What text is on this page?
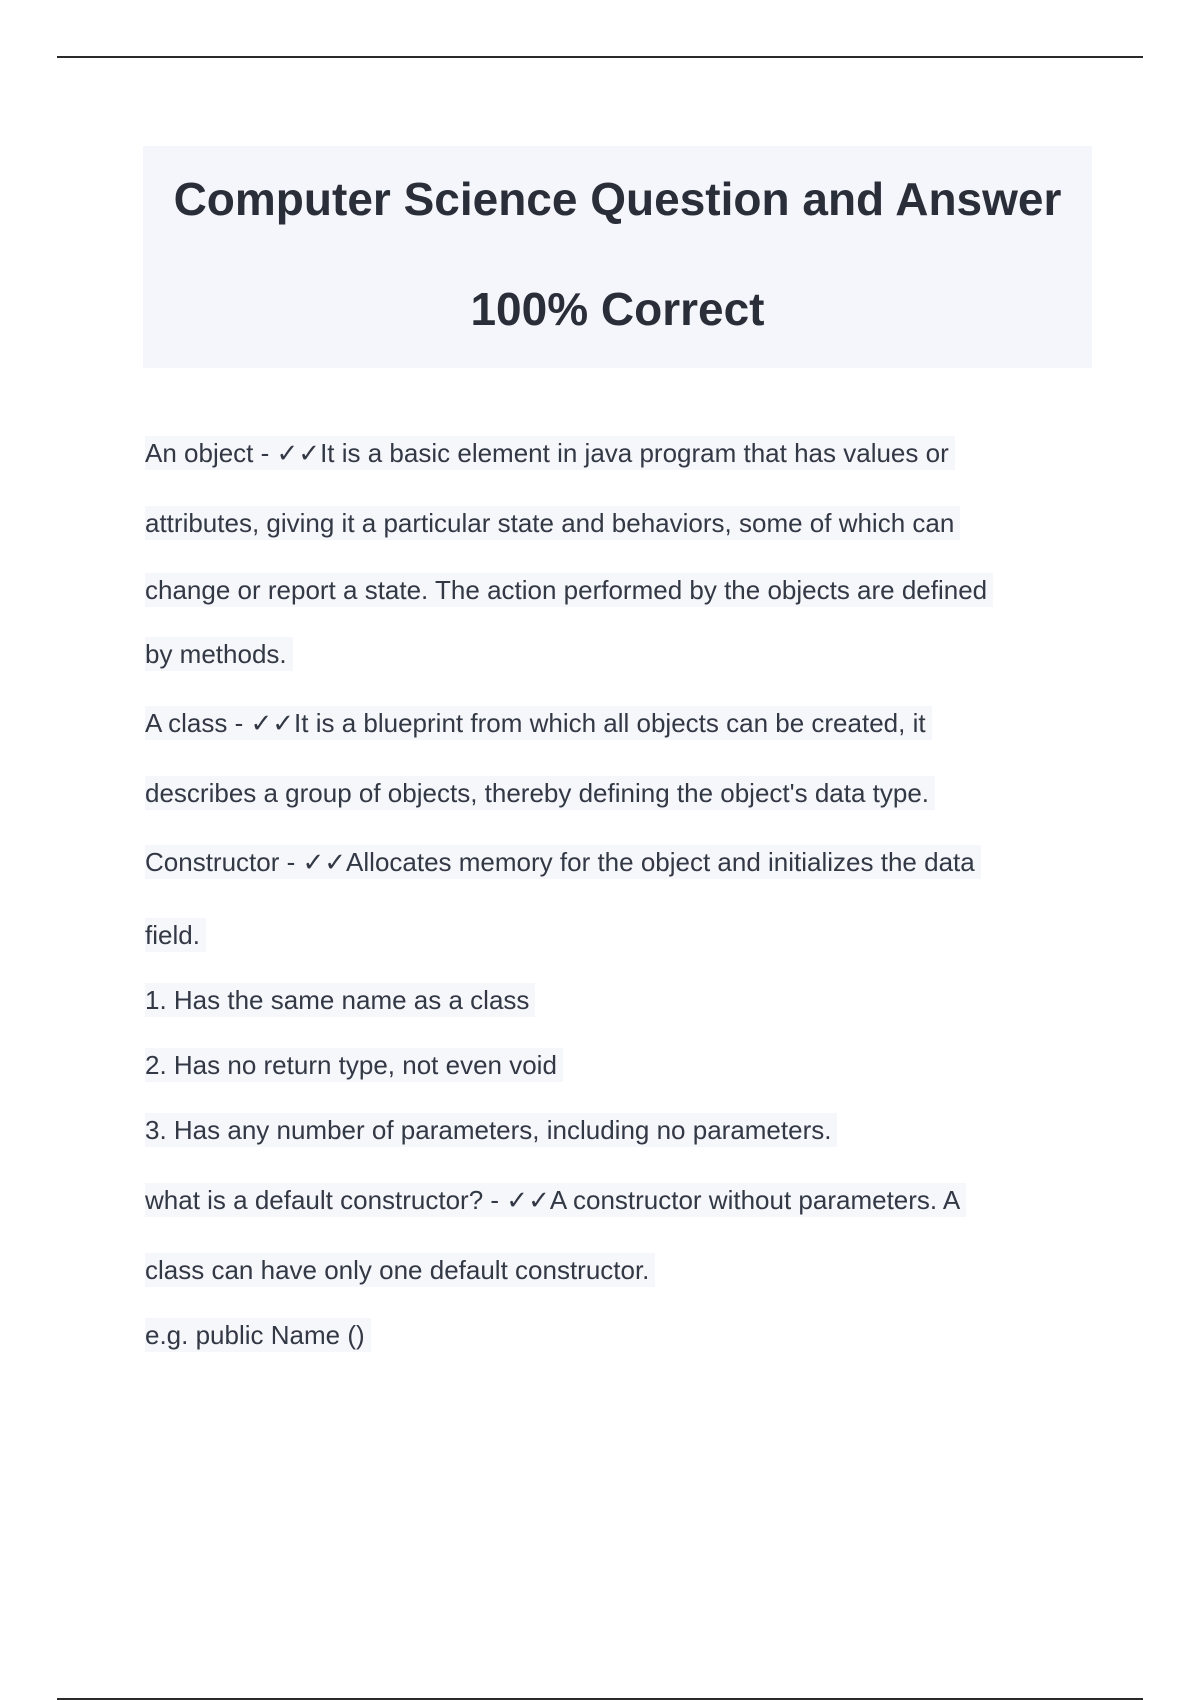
Computer Science Question and Answer
100% Correct
An object - ✓✓It is a basic element in java program that has values or
attributes, giving it a particular state and behaviors, some of which can
change or report a state. The action performed by the objects are defined
by methods.
A class - ✓✓It is a blueprint from which all objects can be created, it
describes a group of objects, thereby defining the object's data type.
Constructor - ✓✓Allocates memory for the object and initializes the data
field.
1. Has the same name as a class
2. Has no return type, not even void
3. Has any number of parameters, including no parameters.
what is a default constructor? - ✓✓A constructor without parameters. A
class can have only one default constructor.
e.g. public Name ()
